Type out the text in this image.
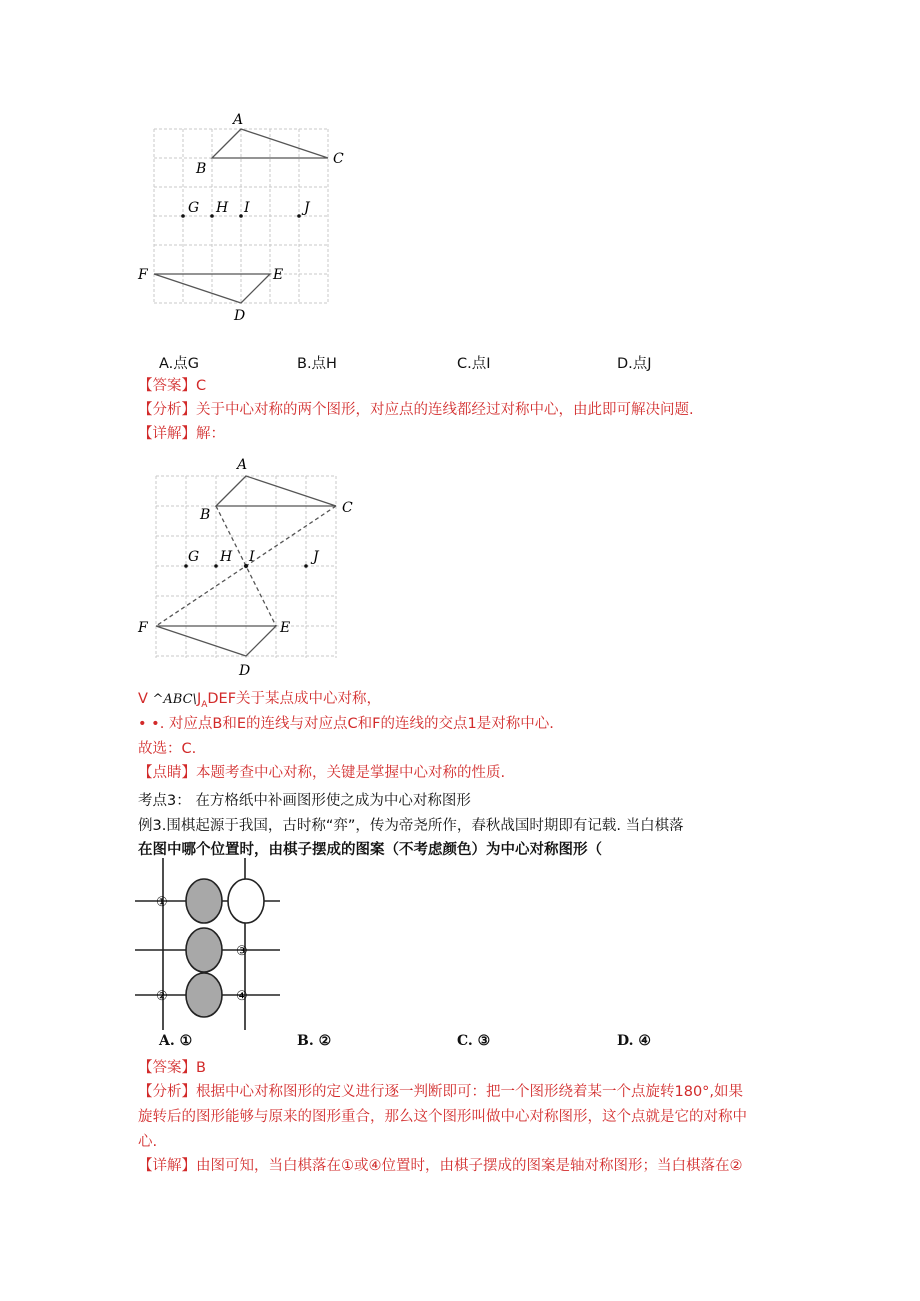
A
B
C
G H I	J
F	E
D
A.点G	B.点H	C.点I	D.点J
【答案】C
【分析】关于中心对称的两个图形，对应点的连线都经过对称中心，由此即可解决问题.
【详解】解：
A
B	C
G H I	J
F	E
D
V $\^{}ABC\backslash J_ADEF$关于某点成中心对称，
• •. 对应点B和E的连线与对应点C和F的连线的交点1是对称中心.
故选：C.
【点睛】本题考查中心对称，关键是掌握中心对称的性质.
考点3： 在方格纸中补画图形使之成为中心对称图形
例3.围棋起源于我国，古时称“弈”，传为帝尧所作，春秋战国时期即有记载. 当白棋落
在图中哪个位置时，由棋子摆成的图案（不考虑颜色）为中心对称图形（
①
③
②	④
A. ①	B. ②	C. ③	D. ④
【答案】B
【分析】根据中心对称图形的定义进行逐一判断即可：把一个图形绕着某一个点旋转180°,如果
旋转后的图形能够与原来的图形重合，那么这个图形叫做中心对称图形，这个点就是它的对称中
心.
【详解】由图可知，当白棋落在①或④位置时，由棋子摆成的图案是轴对称图形；当白棋落在②
